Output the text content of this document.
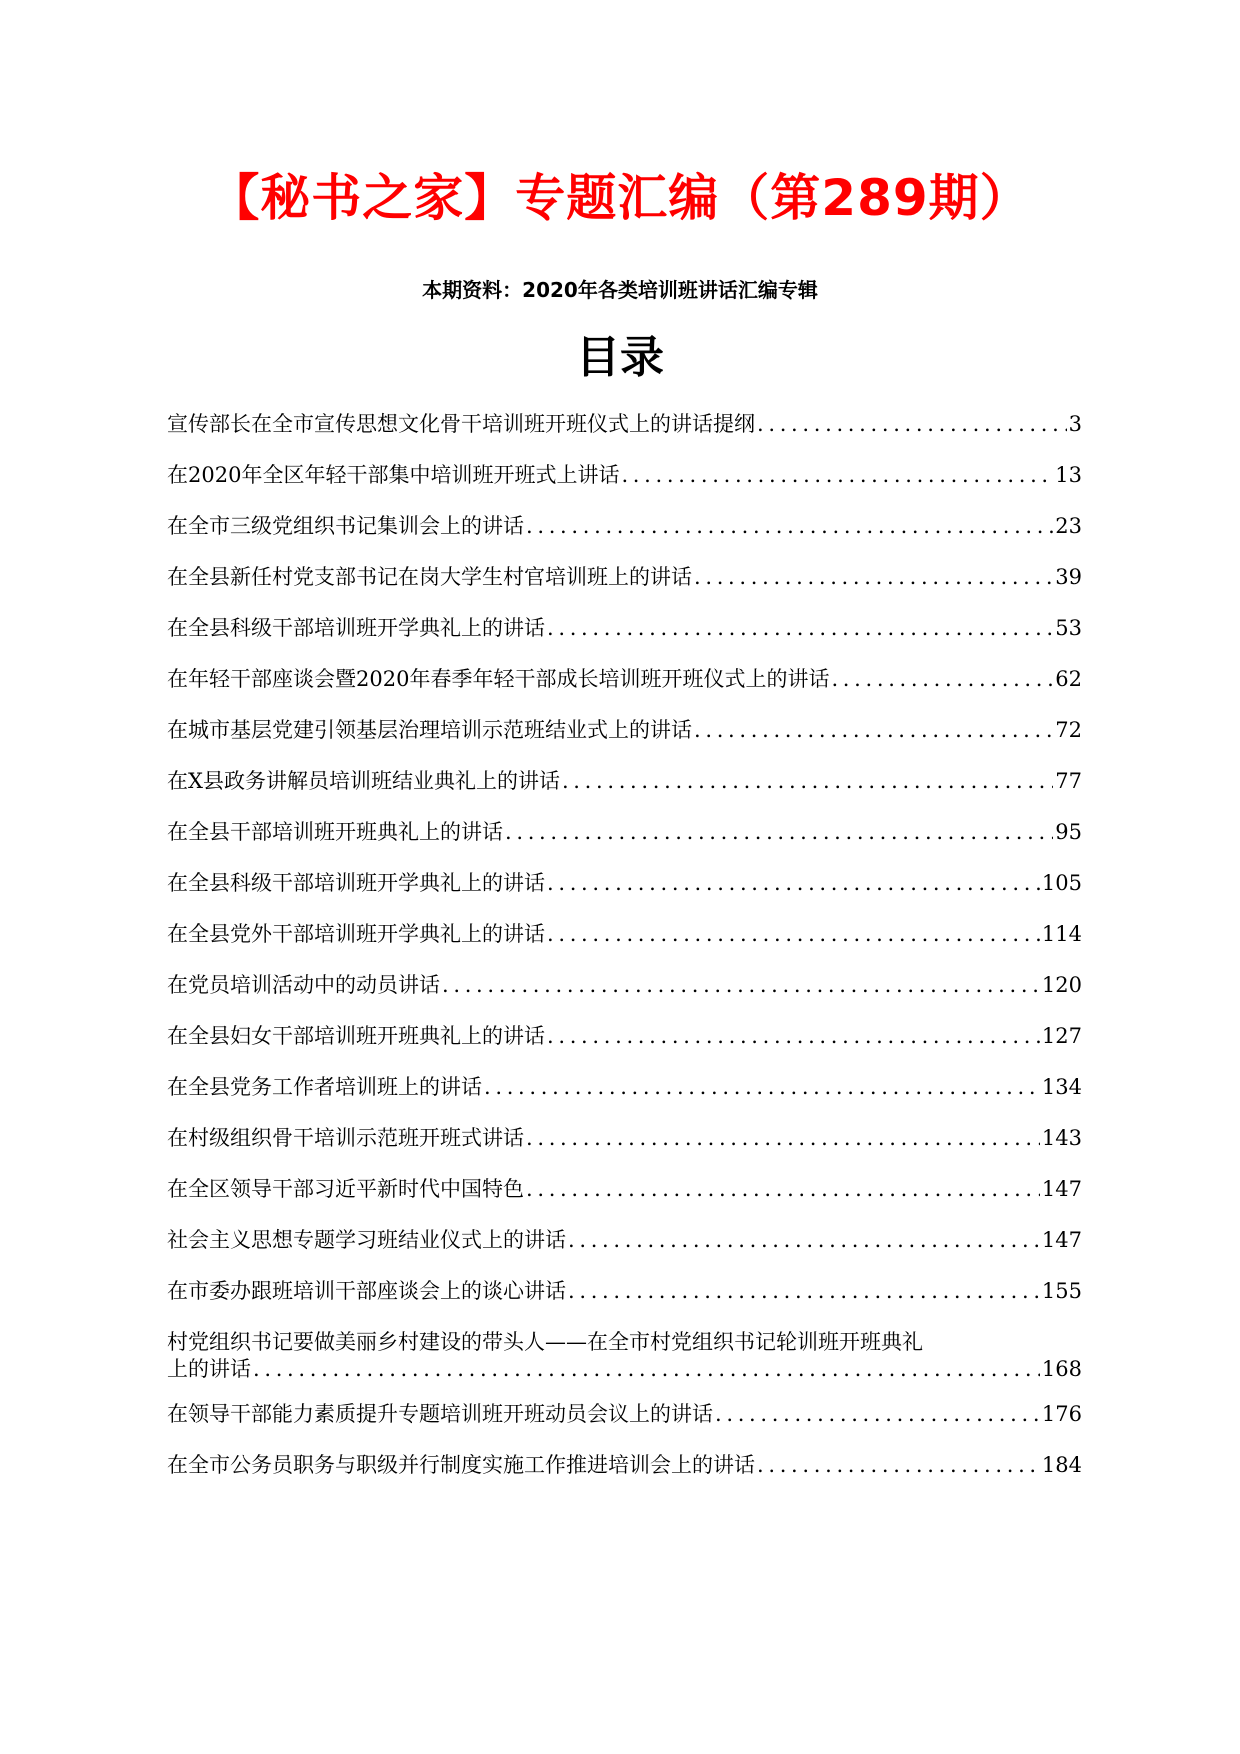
【秘书之家】专题汇编（第289期）
本期资料：2020年各类培训班讲话汇编专辑
目录
宣传部长在全市宣传思想文化骨干培训班开班仪式上的讲话提纲 . . .	3
在2020年全区年轻干部集中培训班开班式上讲话 . . .	13
在全市三级党组织书记集训会上的讲话 . . .	23
在全县新任村党支部书记在岗大学生村官培训班上的讲话 . . .	39
在全县科级干部培训班开学典礼上的讲话 . . .	53
在年轻干部座谈会暨2020年春季年轻干部成长培训班开班仪式上的讲话 . . .	62
在城市基层党建引领基层治理培训示范班结业式上的讲话 . . .	72
在X县政务讲解员培训班结业典礼上的讲话 . . .	77
在全县干部培训班开班典礼上的讲话 . . .	95
在全县科级干部培训班开学典礼上的讲话 . . .	105
在全县党外干部培训班开学典礼上的讲话 . . .	114
在党员培训活动中的动员讲话 . . .	120
在全县妇女干部培训班开班典礼上的讲话 . . .	127
在全县党务工作者培训班上的讲话 . . .	134
在村级组织骨干培训示范班开班式讲话 . . .	143
在全区领导干部习近平新时代中国特色 . . .	147
社会主义思想专题学习班结业仪式上的讲话 . . .	147
在市委办跟班培训干部座谈会上的谈心讲话 . . .	155
村党组织书记要做美丽乡村建设的带头人——在全市村党组织书记轮训班开班典礼
上的讲话 . . .	168
在领导干部能力素质提升专题培训班开班动员会议上的讲话 . . .	176
在全市公务员职务与职级并行制度实施工作推进培训会上的讲话 . . .	184
